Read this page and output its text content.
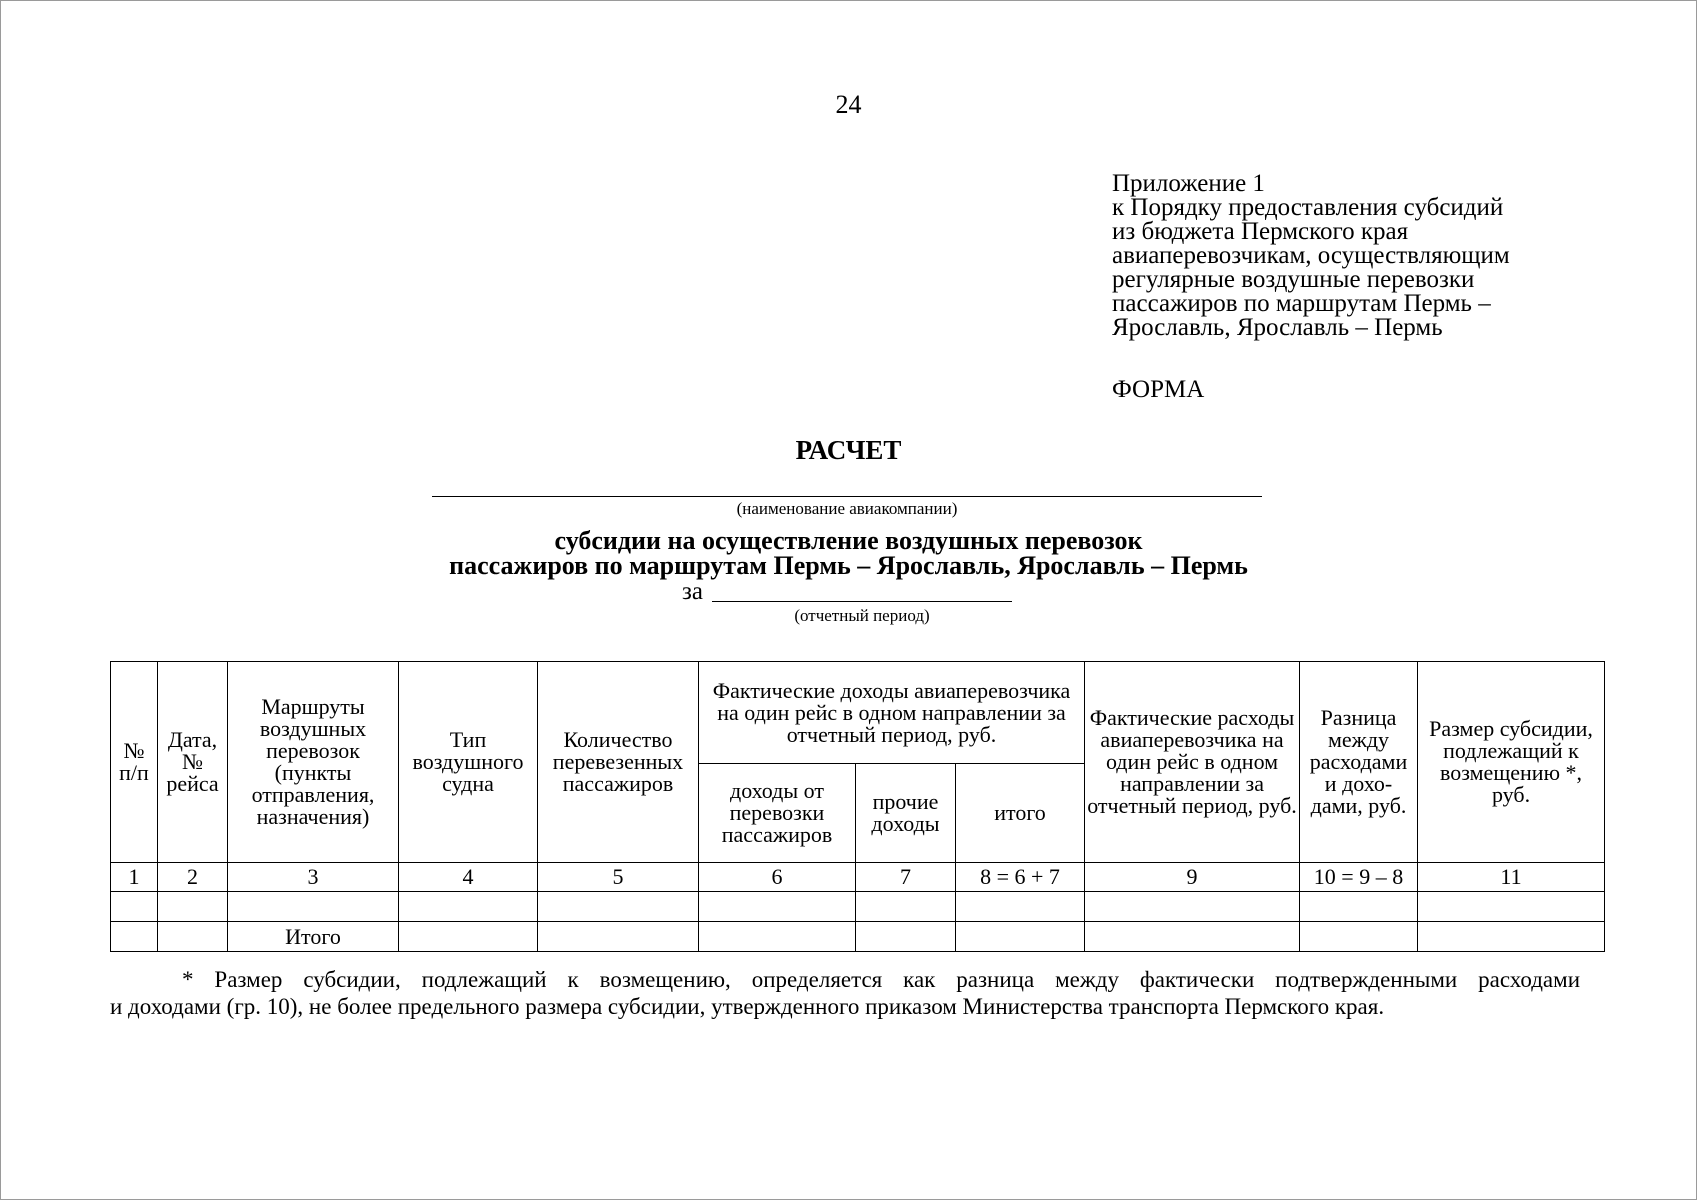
24
Приложение 1
к Порядку предоставления субсидий
из бюджета Пермского края
авиаперевозчикам, осуществляющим
регулярные воздушные перевозки
пассажиров по маршрутам Пермь –
Ярославль, Ярославль – Пермь
ФОРМА
РАСЧЕТ
(наименование авиакомпании)
субсидии на осуществление воздушных перевозок
пассажиров по маршрутам Пермь – Ярославль, Ярославль – Пермь
за
(отчетный период)
№ п/п	Дата, № рейса	Маршруты воздушных перевозок (пункты отправления, назначения)	Тип воздушного судна	Количество перевезенных пассажиров	Фактические доходы авиаперевозчика на один рейс в одном направлении за отчетный период, руб.			Фактические расходы авиаперевозчика на один рейс в одном направлении за отчетный период, руб.	Разница между расходами и дохо-дами, руб.	Размер субсидии, подлежащий к возмещению *, руб.
					доходы от перевозки пассажиров	прочие доходы	итого			
1	2	3	4	5	6	7	8 = 6 + 7	9	10 = 9 – 8	11

		Итого								
* Размер субсидии, подлежащий к возмещению, определяется как разница между фактически подтвержденными расходами
и доходами (гр. 10), не более предельного размера субсидии, утвержденного приказом Министерства транспорта Пермского края.
